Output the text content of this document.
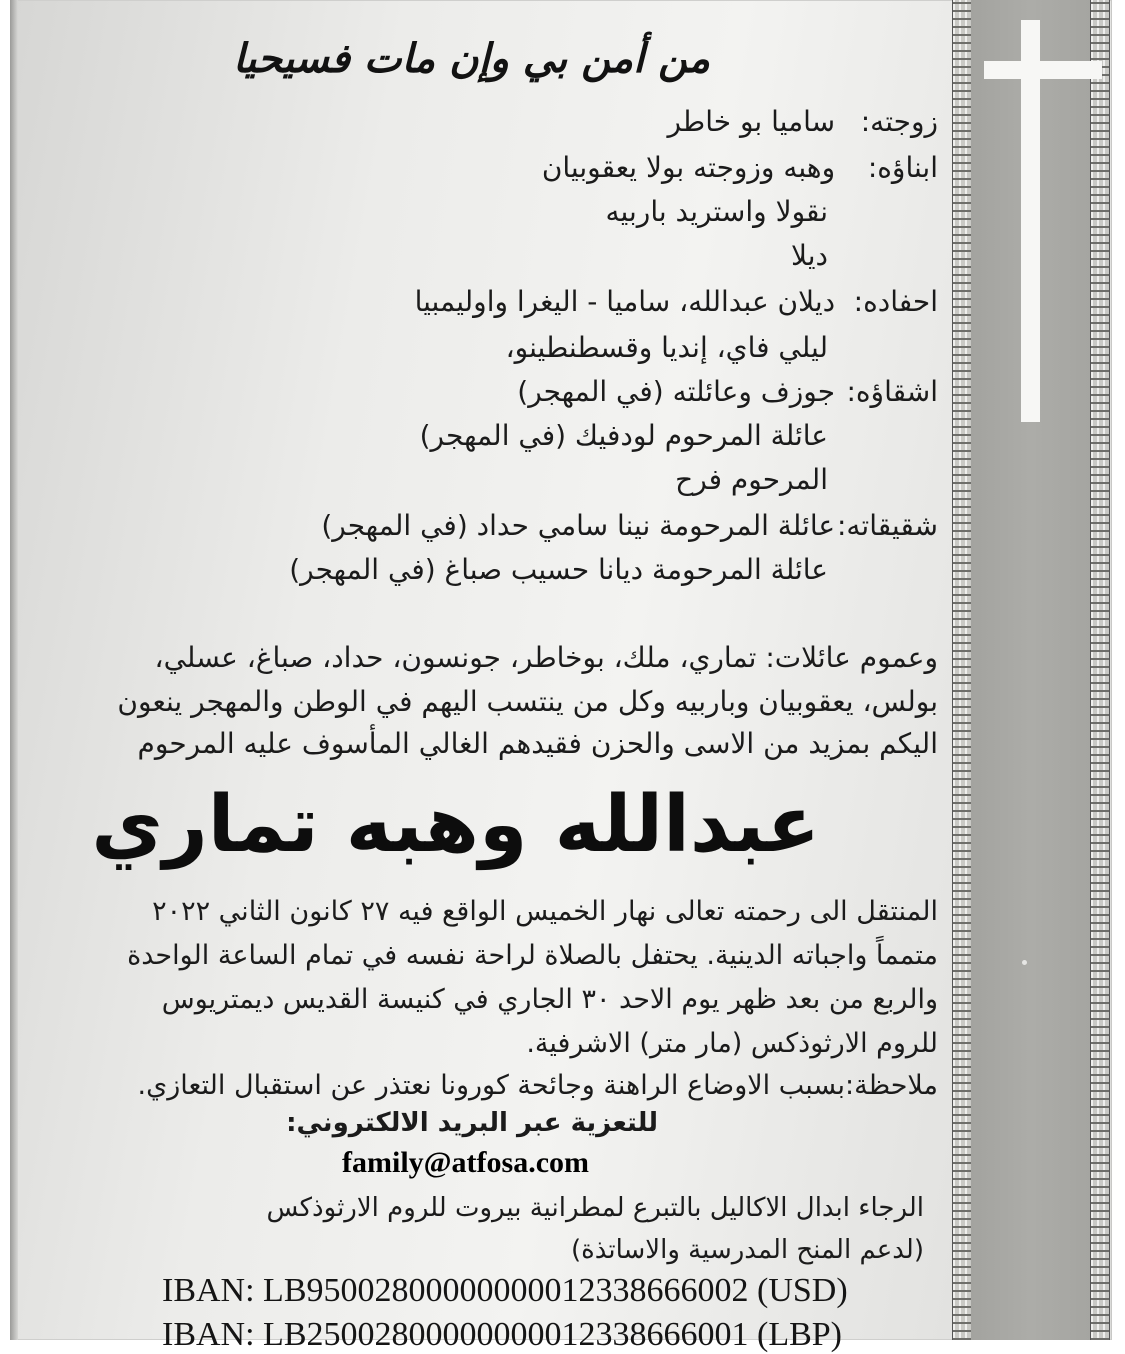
من أمن بي وإن مات فسيحيا
زوجته: ساميا بو خاطر
ابناؤه: وهبه وزوجته بولا يعقوبيان
نقولا واستريد باربيه
ديلا
احفاده: ديلان عبدالله، ساميا - اليغرا واوليمبيا
ليلي فاي، إنديا وقسطنطينو،
اشقاؤه: جوزف وعائلته (في المهجر)
عائلة المرحوم لودفيك (في المهجر)
المرحوم فرح
شقيقاته: عائلة المرحومة نينا سامي حداد (في المهجر)
عائلة المرحومة ديانا حسيب صباغ (في المهجر)
وعموم عائلات: تماري، ملك، بوخاطر، جونسون، حداد، صباغ، عسلي،
بولس، يعقوبيان وباربيه وكل من ينتسب اليهم في الوطن والمهجر ينعون
اليكم بمزيد من الاسى والحزن فقيدهم الغالي المأسوف عليه المرحوم
عبدالله وهبه تماري
المنتقل الى رحمته تعالى نهار الخميس الواقع فيه ٢٧ كانون الثاني ٢٠٢٢
متمماً واجباته الدينية. يحتفل بالصلاة لراحة نفسه في تمام الساعة الواحدة
والربع من بعد ظهر يوم الاحد ٣٠ الجاري في كنيسة القديس ديمتريوس
للروم الارثوذكس (مار متر) الاشرفية.
ملاحظة:بسبب الاوضاع الراهنة وجائحة كورونا نعتذر عن استقبال التعازي.
للتعزية عبر البريد الالكتروني:
الرجاء ابدال الاكاليل بالتبرع لمطرانية بيروت للروم الارثوذكس
(لدعم المنح المدرسية والاساتذة)
family@atfosa.com
IBAN: LB95002800000000012338666002 (USD)
IBAN: LB25002800000000012338666001 (LBP)
